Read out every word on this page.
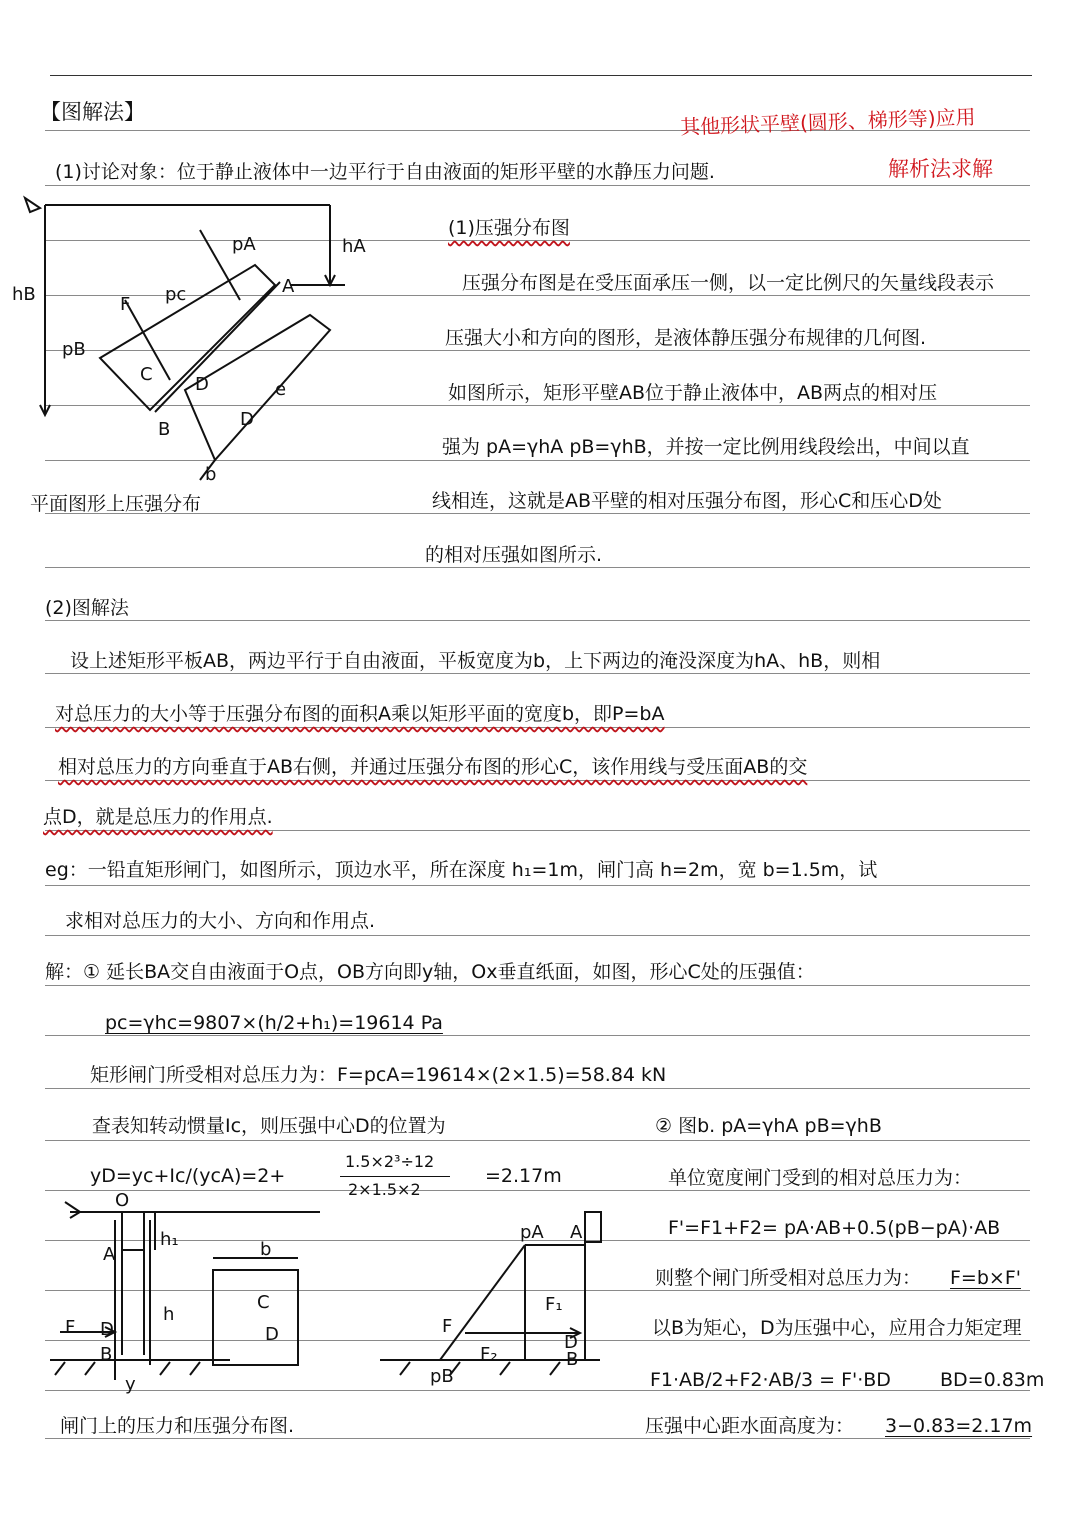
【图解法】	其他形状平壁(圆形、梯形等)应用
(1)讨论对象：位于静止液体中一边平行于自由液面的矩形平壁的水静压力问题.	解析法求解
hA
hB
pA
pB
pc
F
A
B
C D
D
e
b
平面图形上压强分布
(1)压强分布图
压强分布图是在受压面承压一侧，以一定比例尺的矢量线段表示
压强大小和方向的图形，是液体静压强分布规律的几何图.
如图所示，矩形平壁AB位于静止液体中，AB两点的相对压
强为 pA=γhA pB=γhB，并按一定比例用线段绘出，中间以直
线相连，这就是AB平壁的相对压强分布图，形心C和压心D处
的相对压强如图所示.
(2)图解法
设上述矩形平板AB，两边平行于自由液面，平板宽度为b，上下两边的淹没深度为hA、hB，则相
对总压力的大小等于压强分布图的面积A乘以矩形平面的宽度b，即P=bA
相对总压力的方向垂直于AB右侧，并通过压强分布图的形心C，该作用线与受压面AB的交
点D，就是总压力的作用点.
eg：一铅直矩形闸门，如图所示，顶边水平，所在深度 h₁=1m，闸门高 h=2m，宽 b=1.5m，试
求相对总压力的大小、方向和作用点.
解：① 延长BA交自由液面于O点，OB方向即y轴，Ox垂直纸面，如图，形心C处的压强值：
pc=γhc=9807×(h/2+h₁)=19614 Pa
矩形闸门所受相对总压力为：F=pcA=19614×(2×1.5)=58.84 kN
查表知转动惯量Ic，则压强中心D的位置为
yD=yc+Ic/(ycA)=2+
1.5×2³÷12
2×1.5×2
=2.17m
② 图b. pA=γhA pB=γhB
单位宽度闸门受到的相对总压力为：
F'=F1+F2= pA·AB+0.5(pB−pA)·AB
则整个闸门所受相对总压力为： F=b×F'
以B为矩心，D为压强中心，应用合力矩定理
F1·AB/2+F2·AB/3 = F'·BD	BD=0.83m
压强中心距水面高度为： 3−0.83=2.17m
O
A
h₁
h
F D
B
y
b
C
D
pA A
F₁
F
F₂	B
pB
D
闸门上的压力和压强分布图.
